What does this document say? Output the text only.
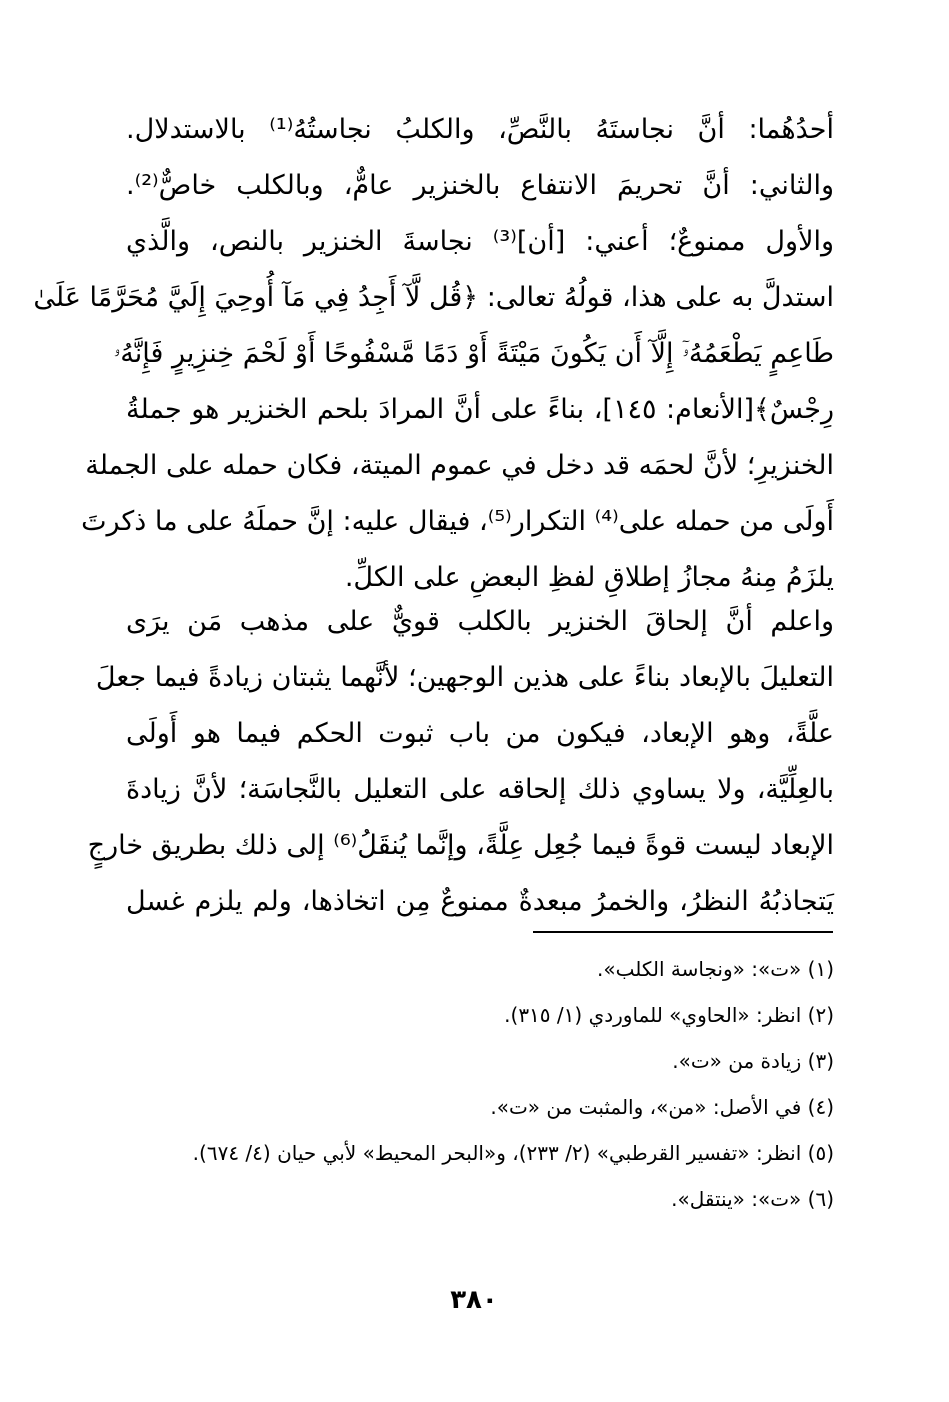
أحدُهُما: أنَّ نجاستَهُ بالنَّصِّ، والكلبُ نجاستُهُ⁽¹⁾ بالاستدلال.
والثاني: أنَّ تحريمَ الانتفاع بالخنزير عامٌّ، وبالكلب خاصٌّ⁽²⁾.
والأول ممنوعٌ؛ أعني: [أن]⁽³⁾ نجاسةَ الخنزير بالنص، والَّذي
استدلَّ به على هذا، قولُهُ تعالى: ﴿قُل لَّآ أَجِدُ فِي مَآ أُوحِيَ إِلَيَّ مُحَرَّمًا عَلَىٰ
طَاعِمٍ يَطْعَمُهُۥٓ إِلَّآ أَن يَكُونَ مَيْتَةً أَوْ دَمًا مَّسْفُوحًا أَوْ لَحْمَ خِنزِيرٍ فَإِنَّهُۥ
رِجْسٌ﴾[الأنعام: ١٤٥]، بناءً على أنَّ المرادَ بلحم الخنزير هو جملةُ
الخنزيرِ؛ لأنَّ لحمَه قد دخل في عموم الميتة، فكان حمله على الجملة
أَولَى من حمله على⁽⁴⁾ التكرار⁽⁵⁾، فيقال عليه: إنَّ حملَهُ على ما ذكرتَ
يلزَمُ مِنهُ مجازُ إطلاقِ لفظِ البعضِ على الكلِّ.
واعلم أنَّ إلحاقَ الخنزير بالكلب قويٌّ على مذهب مَن يرَى
التعليلَ بالإبعاد بناءً على هذين الوجهين؛ لأنَّهما يثبتان زيادةً فيما جعلَ
علَّةً، وهو الإبعاد، فيكون من باب ثبوت الحكم فيما هو أَولَى
بالعِلِّيَّة، ولا يساوي ذلك إلحاقه على التعليل بالنَّجاسَة؛ لأنَّ زيادةَ
الإبعاد ليست قوةً فيما جُعِل عِلَّةً، وإنَّما يُنقَلُ⁽⁶⁾ إلى ذلك بطريق خارجٍ
يَتجاذبُهُ النظرُ، والخمرُ مبعدةٌ ممنوعٌ مِن اتخاذها، ولم يلزم غسل
(١) «ت»: «ونجاسة الكلب».
(٢) انظر: «الحاوي» للماوردي (١/ ٣١٥).
(٣) زيادة من «ت».
(٤) في الأصل: «من»، والمثبت من «ت».
(٥) انظر: «تفسير القرطبي» (٢/ ٢٣٣)، و«البحر المحيط» لأبي حيان (٤/ ٦٧٤).
(٦) «ت»: «ينتقل».
٣٨٠
